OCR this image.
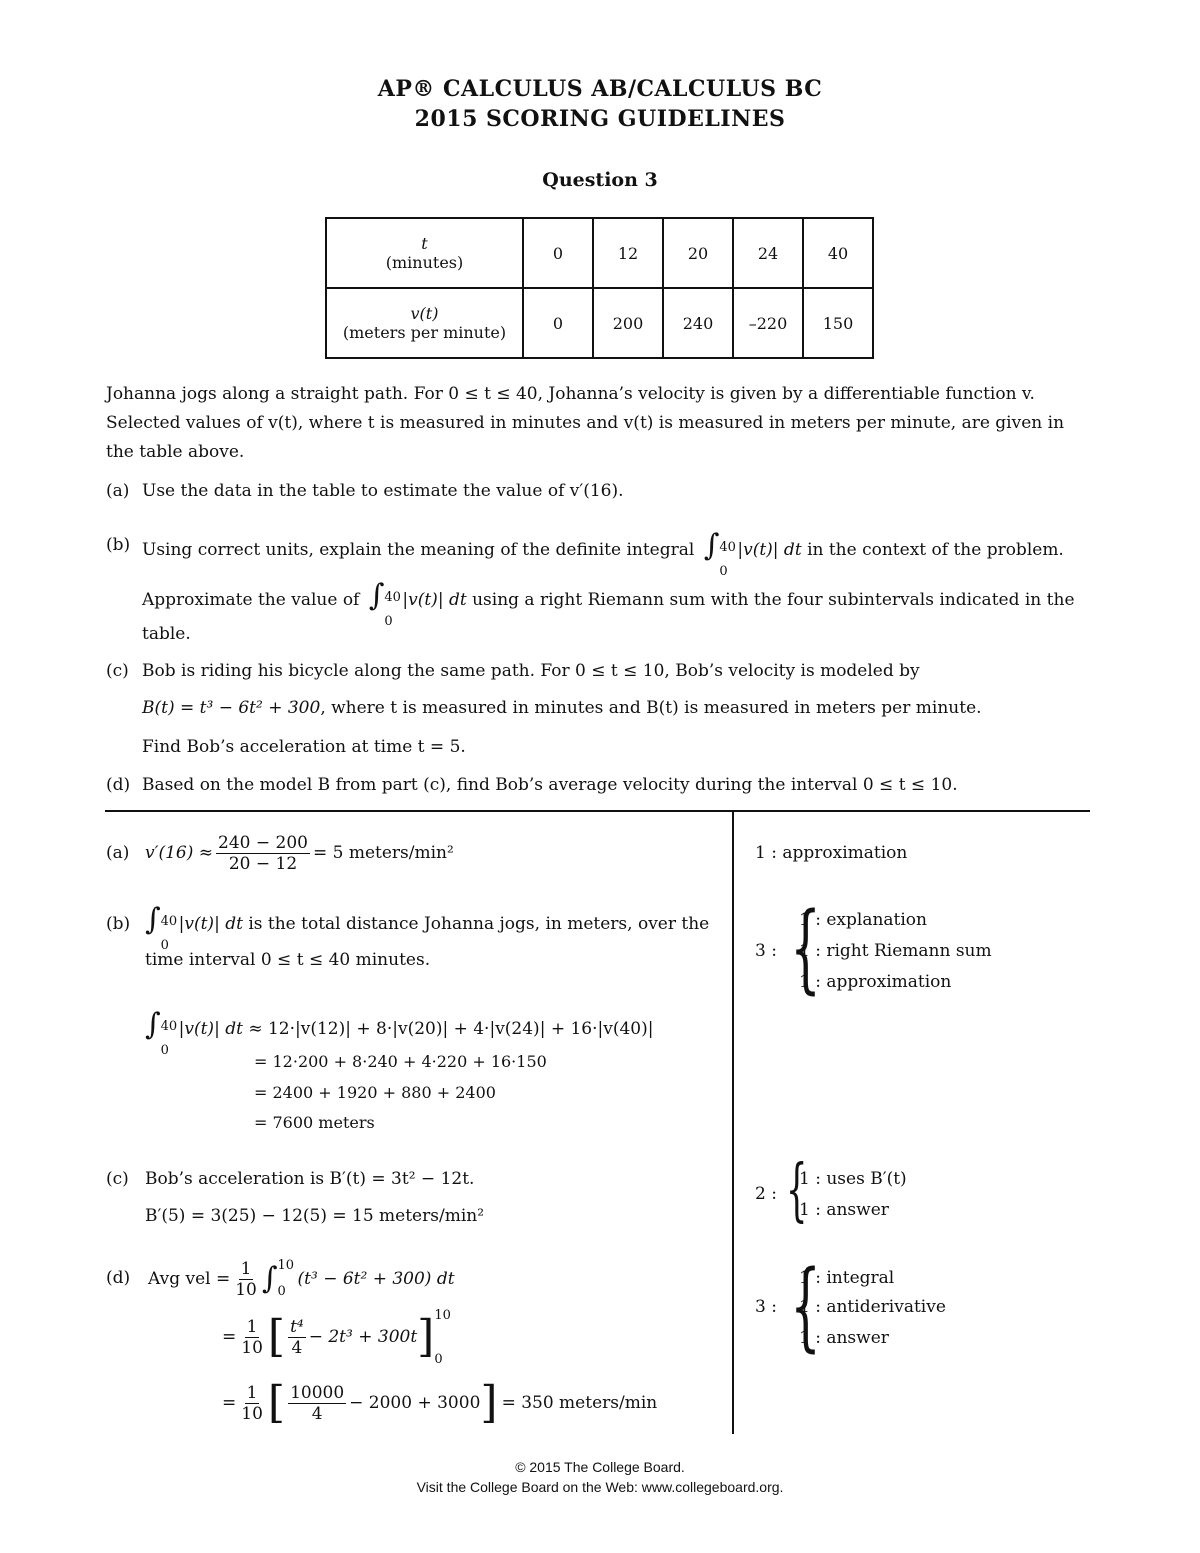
AP® CALCULUS AB/CALCULUS BC
2015 SCORING GUIDELINES
Question 3
t
(minutes)	0	12	20	24	40

v(t)
(meters per minute)	0	200	240	–220	150
Johanna jogs along a straight path. For 0 ≤ t ≤ 40, Johanna’s velocity is given by a differentiable function v.
Selected values of v(t), where t is measured in minutes and v(t) is measured in meters per minute, are given in
the table above.
(a) Use the data in the table to estimate the value of v′(16).
(b) Using correct units, explain the meaning of the definite integral ∫ 40
0
|v(t)| dt in the context of the problem.
Approximate the value of ∫ 40
0
|v(t)| dt using a right Riemann sum with the four subintervals indicated in the
table.
(c) Bob is riding his bicycle along the same path. For 0 ≤ t ≤ 10, Bob’s velocity is modeled by
B(t) = t³ − 6t² + 300, where t is measured in minutes and B(t) is measured in meters per minute.
Find Bob’s acceleration at time t = 5.
(d) Based on the model B from part (c), find Bob’s average velocity during the interval 0 ≤ t ≤ 10.
(a) $v'(16) \approx \frac{240 - 200}{20 - 12} = 5$ meters/min²	1 : approximation
(b) ∫ 40
0
|v(t)| dt is the total distance Johanna jogs, in meters, over the
time interval 0 ≤ t ≤ 40 minutes.
∫ 40
0
|v(t)| dt ≈ 12·|v(12)| + 8·|v(20)| + 4·|v(24)| + 16·|v(40)|
= 12·200 + 8·240 + 4·220 + 16·150
= 2400 + 1920 + 880 + 2400
= 7600 meters
3 : {
1 : explanation
1 : right Riemann sum
1 : approximation
(c) Bob’s acceleration is B′(t) = 3t² − 12t.
B′(5) = 3(25) − 12(5) = 15 meters/min²
2 : {
1 : uses B′(t)
1 : answer
(d) Avg vel = $\frac{1}{10}$ ∫ 10
0
(t³ − 6t² + 300) dt
= $\frac{1}{10}$ [ $\frac{\text{t⁴}}{4} - 2t^3 + 300t$ ] 10
0
= $\frac{1}{10}$ [ $\frac{10000}{4} - 2000 + 3000$ ] = 350 meters/min
3 : {
1 : integral
1 : antiderivative
1 : answer
© 2015 The College Board.
Visit the College Board on the Web: www.collegeboard.org.
